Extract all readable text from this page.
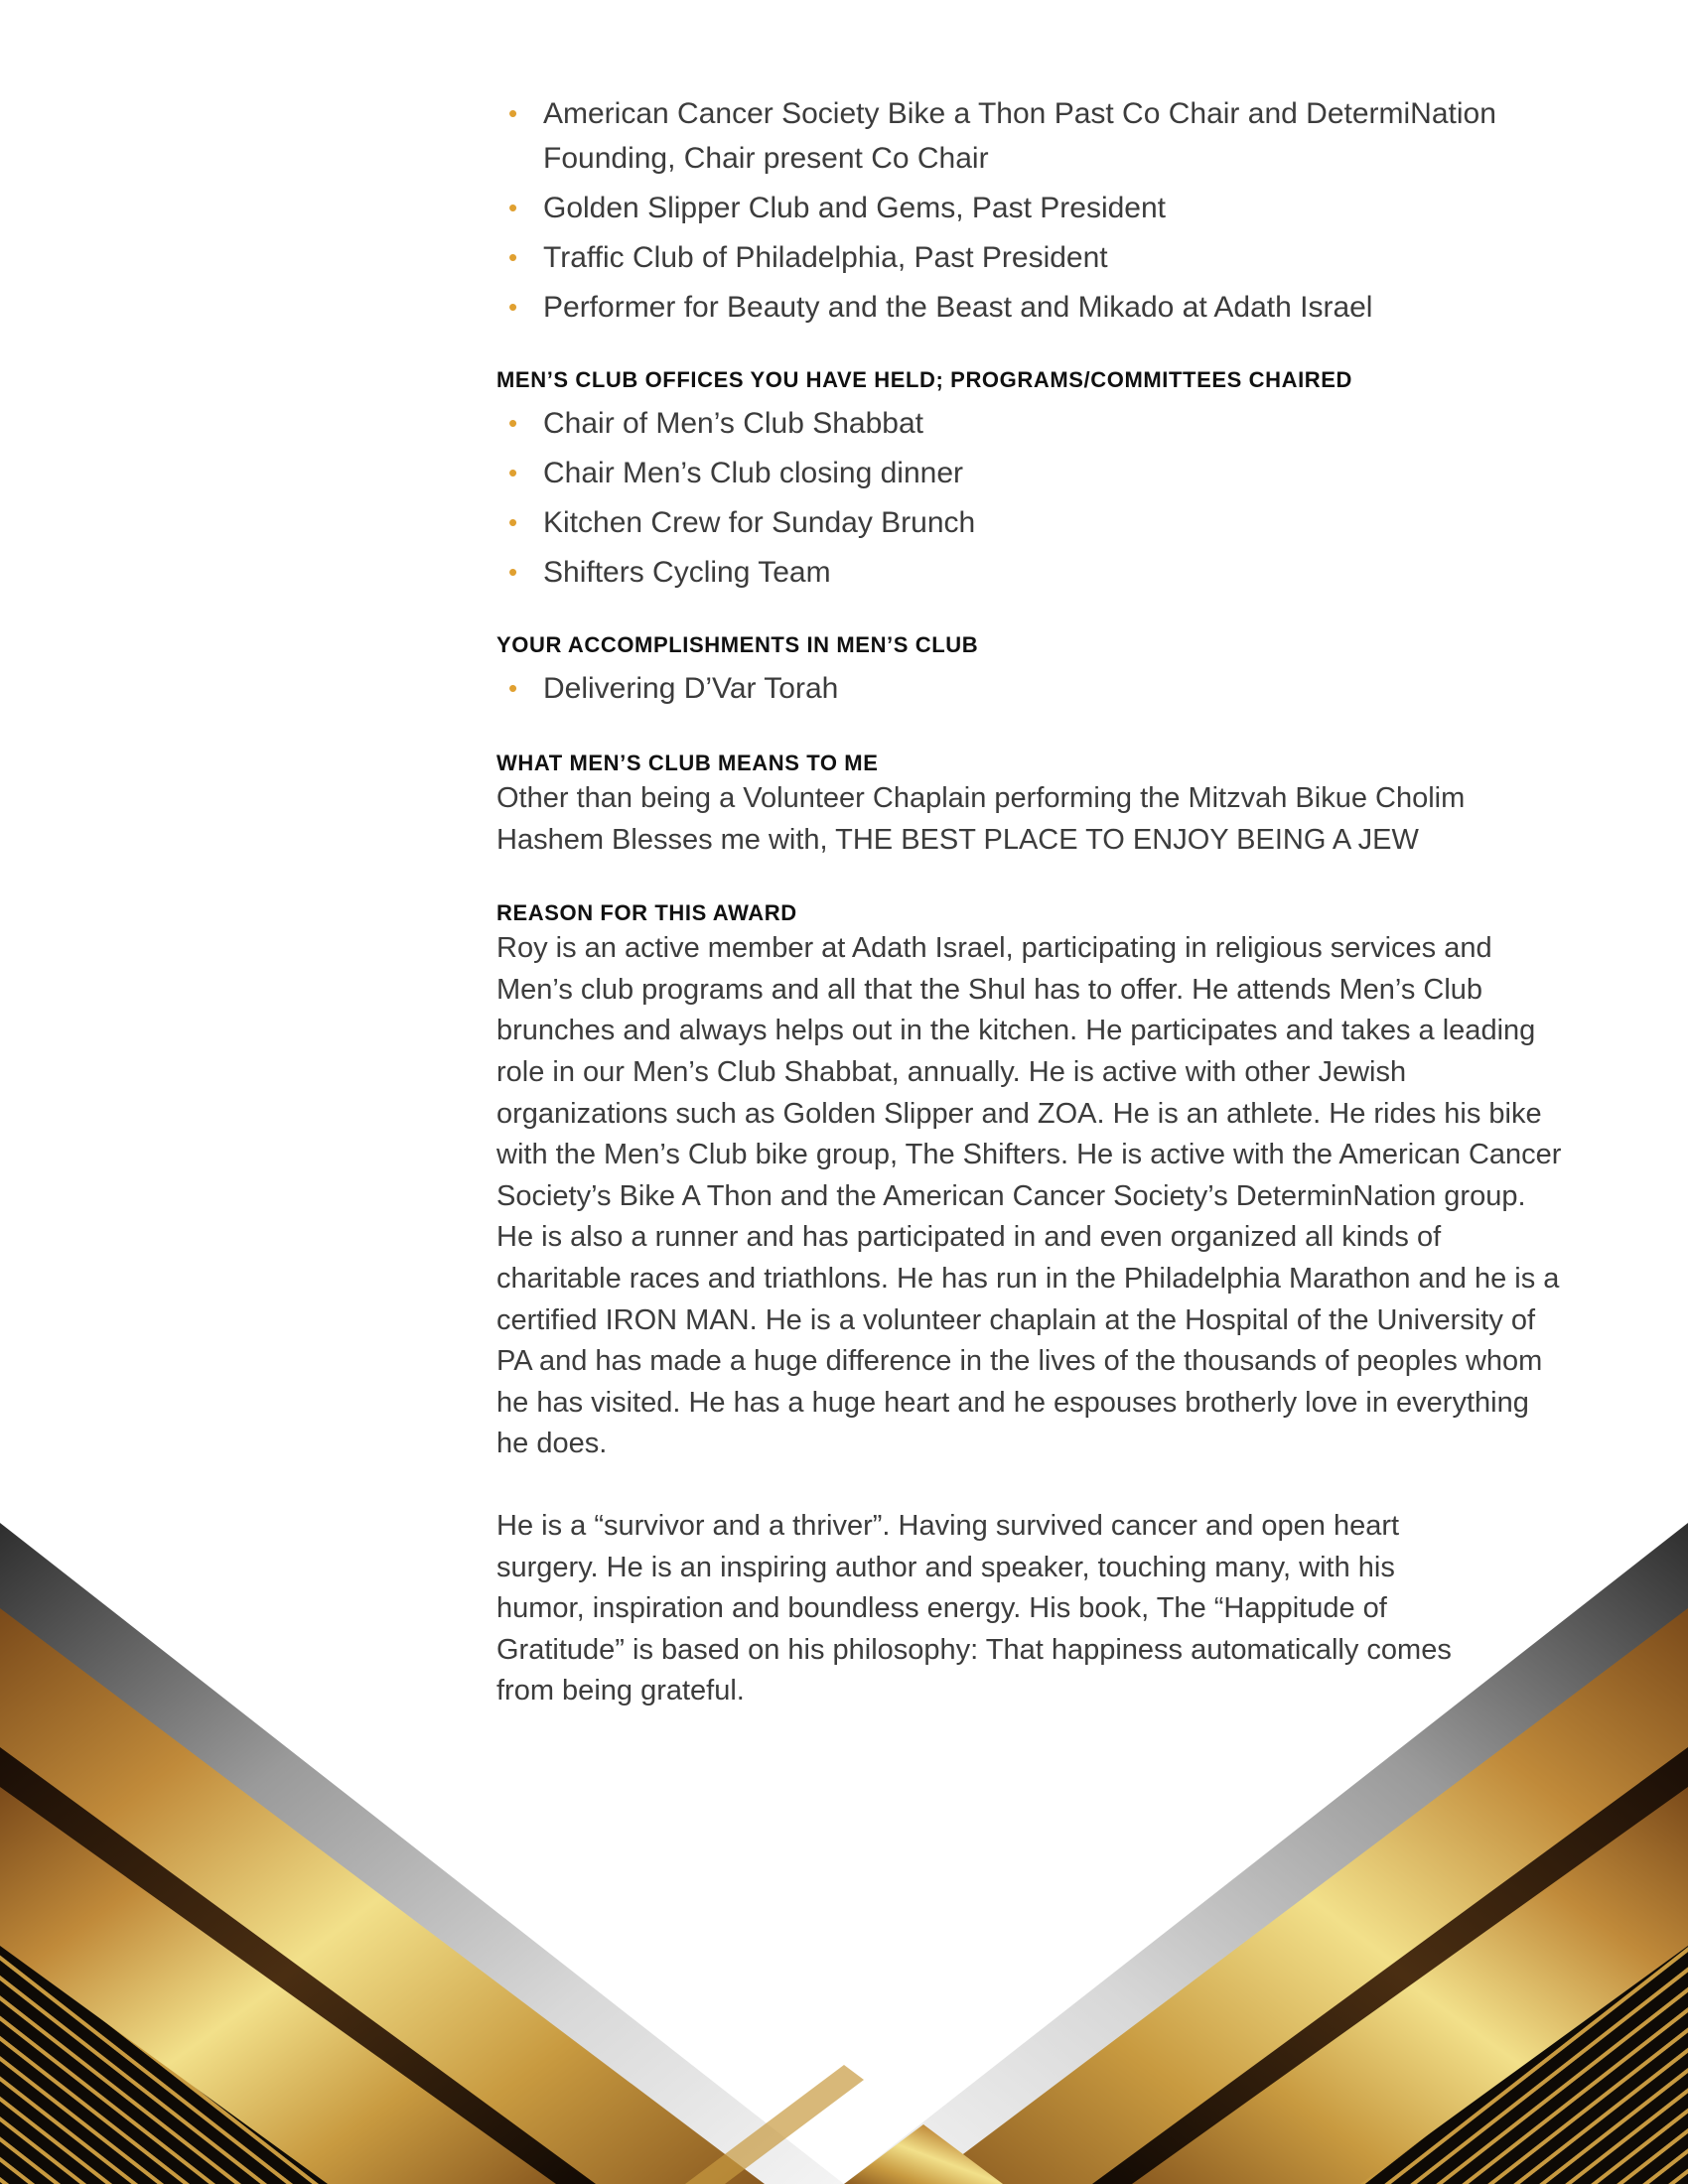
• American Cancer Society Bike a Thon Past Co Chair and DetermiNation Founding, Chair present Co Chair
• Golden Slipper Club and Gems, Past President
• Traffic Club of Philadelphia, Past President
• Performer for Beauty and the Beast and Mikado at Adath Israel
MEN’S CLUB OFFICES YOU HAVE HELD; PROGRAMS/COMMITTEES CHAIRED
• Chair of Men’s Club Shabbat
• Chair Men’s Club closing dinner
• Kitchen Crew for Sunday Brunch
• Shifters Cycling Team
YOUR ACCOMPLISHMENTS IN MEN’S CLUB
• Delivering D’Var Torah
WHAT MEN’S CLUB MEANS TO ME

Other than being a Volunteer Chaplain performing the Mitzvah Bikue Cholim Hashem Blesses me with, THE BEST PLACE TO ENJOY BEING A JEW

REASON FOR THIS AWARD

Roy is an active member at Adath Israel, participating in religious services and Men’s club programs and all that the Shul has to offer. He attends Men’s Club brunches and always helps out in the kitchen. He participates and takes a leading role in our Men’s Club Shabbat, annually. He is active with other Jewish organizations such as Golden Slipper and ZOA. He is an athlete. He rides his bike with the Men’s Club bike group, The Shifters. He is active with the American Cancer Society’s Bike A Thon and the American Cancer Society’s DeterminNation group. He is also a runner and has participated in and even organized all kinds of charitable races and triathlons. He has run in the Philadelphia Marathon and he is a certified IRON MAN. He is a volunteer chaplain at the Hospital of the University of PA and has made a huge difference in the lives of the thousands of peoples whom he has visited. He has a huge heart and he espouses brotherly love in everything he does.

He is a “survivor and a thriver”. Having survived cancer and open heart surgery. He is an inspiring author and speaker, touching many, with his humor, inspiration and boundless energy. His book, The “Happitude of Gratitude” is based on his philosophy: That happiness automatically comes from being grateful.
